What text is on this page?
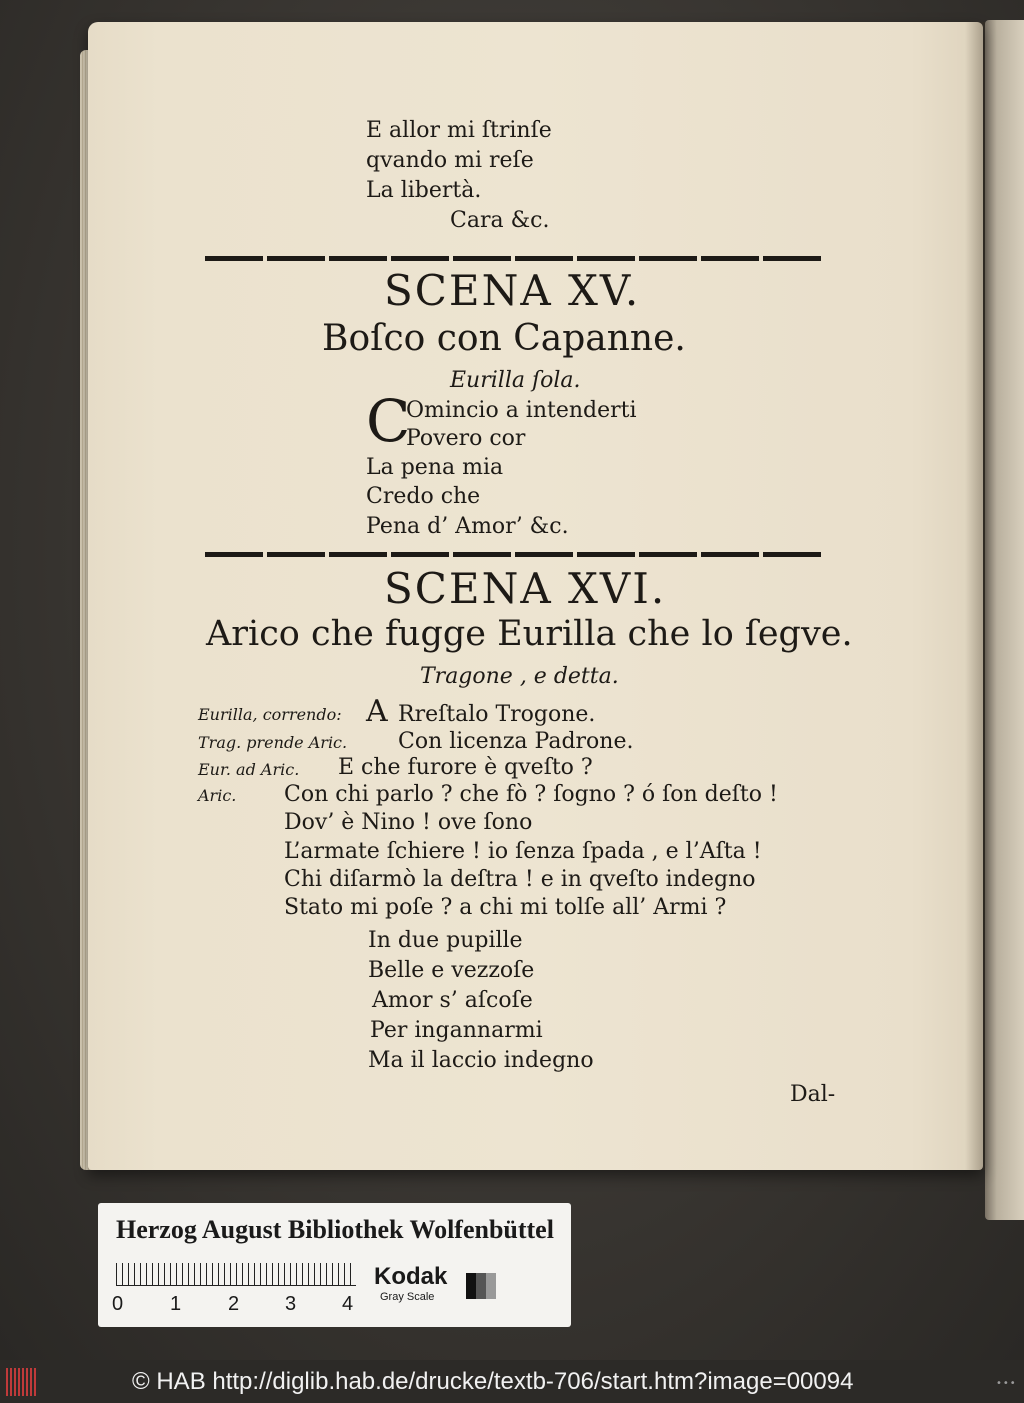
E allor mi ſtrinſe
qvando mi reſe
La libertà.
Cara &c.
SCENA XV.
Boſco con Capanne.
Eurilla ſola.
C
Omincio a intenderti
Povero cor
La pena mia
Credo che
Pena d’ Amor’ &c.
SCENA XVI.
Arico che fugge Eurilla che lo ſegve.
Tragone , e detta.
Eurilla, correndo: A Rreſtalo Trogone.
Trag. prende Aric. Con licenza Padrone.
Eur. ad Aric. E che furore è qveſto ?
Aric. Con chi parlo ? che fò ? ſogno ? ó ſon deſto !
Dov’ è Nino ! ove ſono
L’armate ſchiere ! io ſenza ſpada , e l’Aſta !
Chi diſarmò la deſtra ! e in qveſto indegno
Stato mi poſe ? a chi mi tolſe all’ Armi ?
In due pupille
Belle e vezzoſe
Amor s’ aſcoſe
Per ingannarmi
Ma il laccio indegno
Dal-
Herzog August Bibliothek Wolfenbüttel
0 1 2 3 4
Kodak
Gray Scale
© HAB http://diglib.hab.de/drucke/textb-706/start.htm?image=00094	•••
